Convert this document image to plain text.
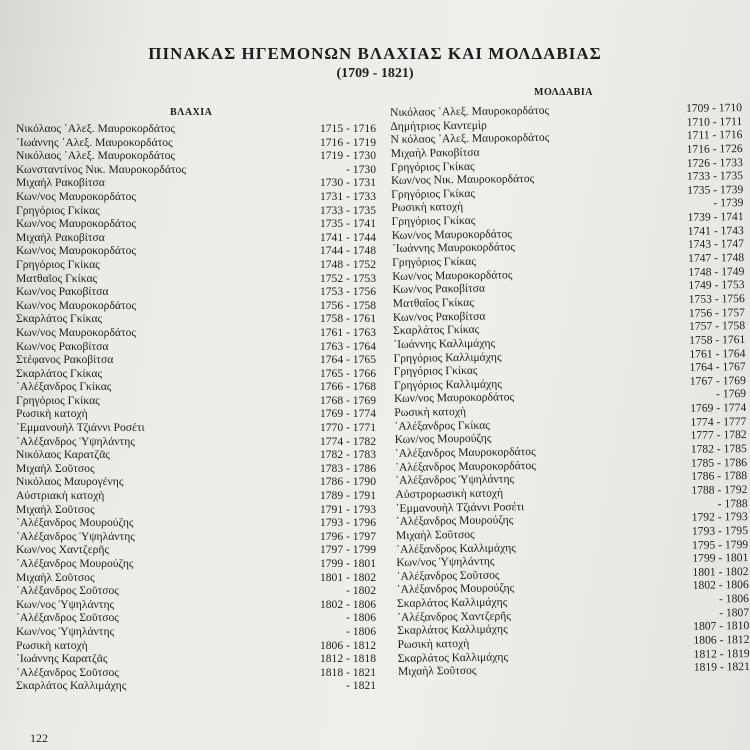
ΠΙΝΑΚΑΣ ΗΓΕΜΟΝΩΝ ΒΛΑΧΙΑΣ ΚΑΙ ΜΟΛΔΑΒΙΑΣ
(1709 - 1821)
ΒΛΑΧΙΑ
Νικόλαος ᾽Αλεξ. Μαυροκορδάτος	1715 - 1716
᾽Ιωάννης ᾽Αλεξ. Μαυροκορδάτος	1716 - 1719
Νικόλαος ᾽Αλεξ. Μαυροκορδάτος	1719 - 1730
Κωνσταντίνος Νικ. Μαυροκορδάτος	- 1730
Μιχαὴλ Ρακοβίτσα	1730 - 1731
Κων/νος Μαυροκορδάτος	1731 - 1733
Γρηγόριος Γκίκας	1733 - 1735
Κων/νος Μαυροκορδάτος	1735 - 1741
Μιχαὴλ Ρακοβίτσα	1741 - 1744
Κων/νος Μαυροκορδάτος	1744 - 1748
Γρηγόριος Γκίκας	1748 - 1752
Ματθαῖος Γκίκας	1752 - 1753
Κων/νος Ρακοβίτσα	1753 - 1756
Κων/νος Μαυροκορδάτος	1756 - 1758
Σκαρλάτος Γκίκας	1758 - 1761
Κων/νος Μαυροκορδάτος	1761 - 1763
Κων/νος Ρακοβίτσα	1763 - 1764
Στέφανος Ρακοβίτσα	1764 - 1765
Σκαρλάτος Γκίκας	1765 - 1766
᾽Αλέξανδρος Γκίκας	1766 - 1768
Γρηγόριος Γκίκας	1768 - 1769
Ρωσικὴ κατοχὴ	1769 - 1774
᾽Εμμανουὴλ Τζιάννι Ροσέτι	1770 - 1771
᾽Αλέξανδρος Ὑψηλάντης	1774 - 1782
Νικόλαος Καρατζᾶς	1782 - 1783
Μιχαὴλ Σοῦτσος	1783 - 1786
Νικόλαος Μαυρογένης	1786 - 1790
Αὐστριακὴ κατοχὴ	1789 - 1791
Μιχαὴλ Σοῦτσος	1791 - 1793
᾽Αλέξανδρος Μουρούζης	1793 - 1796
᾽Αλέξανδρος Ὑψηλάντης	1796 - 1797
Κων/νος Χαντζερῆς	1797 - 1799
᾽Αλέξανδρος Μουρούζης	1799 - 1801
Μιχαὴλ Σοῦτσος	1801 - 1802
᾽Αλέξανδρος Σοῦτσος	- 1802
Κων/νος Ὑψηλάντης	1802 - 1806
᾽Αλέξανδρος Σοῦτσος	- 1806
Κων/νος Ὑψηλάντης	- 1806
Ρωσικὴ κατοχὴ	1806 - 1812
᾽Ιωάννης Καρατζᾶς	1812 - 1818
᾽Αλέξανδρος Σοῦτσος	1818 - 1821
Σκαρλάτος Καλλιμάχης	- 1821
ΜΟΛΔΑΒΙΑ
Νικόλαος ᾽Αλεξ. Μαυροκορδάτος	1709 - 1710
Δημήτριος Καντεμὶρ	1710 - 1711
Ν κόλαος ᾽Αλεξ. Μαυροκορδάτος	1711 - 1716
Μιχαὴλ Ρακοβίτσα	1716 - 1726
Γρηγόριος Γκίκας	1726 - 1733
Κων/νος Νικ. Μαυροκορδάτος	1733 - 1735
Γρηγόριος Γκίκας	1735 - 1739
Ρωσικὴ κατοχὴ	- 1739
Γρηγόριος Γκίκας	1739 - 1741
Κων/νος Μαυροκορδάτος	1741 - 1743
᾽Ιωάννης Μαυροκορδάτος	1743 - 1747
Γρηγόριος Γκίκας	1747 - 1748
Κων/νος Μαυροκορδάτος	1748 - 1749
Κων/νος Ρακοβίτσα	1749 - 1753
Ματθαῖος Γκίκας	1753 - 1756
Κων/νος Ρακοβίτσα	1756 - 1757
Σκαρλάτος Γκίκας	1757 - 1758
᾽Ιωάννης Καλλιμάχης	1758 - 1761
Γρηγόριος Καλλιμάχης	1761 - 1764
Γρηγόριος Γκίκας	1764 - 1767
Γρηγόριος Καλλιμάχης	1767 - 1769
Κων/νος Μαυροκορδάτος	- 1769
Ρωσικὴ κατοχὴ	1769 - 1774
᾽Αλέξανδρος Γκίκας	1774 - 1777
Κων/νος Μουρούζης	1777 - 1782
᾽Αλέξανδρος Μαυροκορδάτος	1782 - 1785
᾽Αλέξανδρος Μαυροκορδάτος	1785 - 1786
᾽Αλέξανδρος Ὑψηλάντης	1786 - 1788
Αὐστρορωσικὴ κατοχὴ	1788 - 1792
᾽Εμμανουὴλ Τζιάννι Ροσέτι	- 1788
᾽Αλέξανδρος Μουρούζης	1792 - 1793
Μιχαὴλ Σοῦτσος	1793 - 1795
᾽Αλέξανδρος Καλλιμάχης	1795 - 1799
Κων/νος Ὑψηλάντης	1799 - 1801
᾽Αλέξανδρος Σοῦτσος	1801 - 1802
᾽Αλέξανδρος Μουρούζης	1802 - 1806
Σκαρλάτος Καλλιμάχης	- 1806
᾽Αλέξανδρος Χαντζερῆς	- 1807
Σκαρλάτος Καλλιμάχης	1807 - 1810
Ρωσικὴ κατοχὴ	1806 - 1812
Σκαρλάτος Καλλιμάχης	1812 - 1819
Μιχαὴλ Σοῦτσος	1819 - 1821
122
